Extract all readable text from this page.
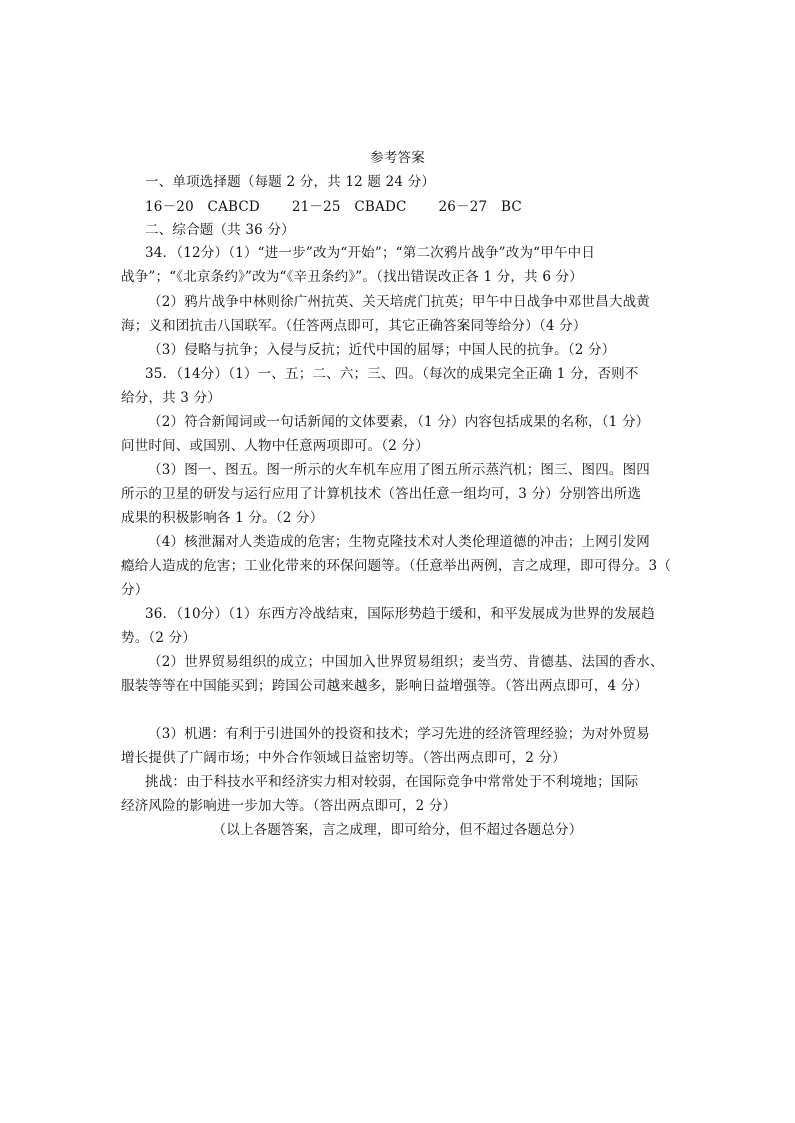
参考答案
一、单项选择题（每题 2 分，共 12 题 24 分）
16－20　CABCD　　 21－25　CBADC　　 26－27　BC
二、综合题（共 36 分）
34．（12分）（1）“进一步”改为“开始”；“第二次鸦片战争”改为“甲午中日
战争”；“《北京条约》”改为“《辛丑条约》”。（找出错误改正各 1 分，共 6 分）
（2）鸦片战争中林则徐广州抗英、关天培虎门抗英；甲午中日战争中邓世昌大战黄
海；义和团抗击八国联军。（任答两点即可，其它正确答案同等给分）（4 分）
（3）侵略与抗争；入侵与反抗；近代中国的屈辱；中国人民的抗争。（2 分）
35．（14分）（1）一、五；二、六；三、四。（每次的成果完全正确 1 分，否则不
给分，共 3 分）
（2）符合新闻词或一句话新闻的文体要素，（1 分）内容包括成果的名称，（1 分）
问世时间、或国别、人物中任意两项即可。（2 分）
（3）图一、图五。图一所示的火车机车应用了图五所示蒸汽机；图三、图四。图四
所示的卫星的研发与运行应用了计算机技术（答出任意一组均可，3 分）分别答出所选
成果的积极影响各 1 分。（2 分）
（4）核泄漏对人类造成的危害；生物克隆技术对人类伦理道德的冲击；上网引发网
瘾给人造成的危害；工业化带来的环保问题等。（任意举出两例，言之成理，即可得分。3（
分）
36．（10分）（1）东西方冷战结束，国际形势趋于缓和，和平发展成为世界的发展趋
势。（2 分）
（2）世界贸易组织的成立；中国加入世界贸易组织；麦当劳、肯德基、法国的香水、
服装等等在中国能买到；跨国公司越来越多，影响日益增强等。（答出两点即可，4 分）
（3）机遇：有利于引进国外的投资和技术；学习先进的经济管理经验；为对外贸易
增长提供了广阔市场；中外合作领域日益密切等。（答出两点即可，2 分）
挑战：由于科技水平和经济实力相对较弱，在国际竞争中常常处于不利境地；国际
经济风险的影响进一步加大等。（答出两点即可，2 分）
（以上各题答案，言之成理，即可给分，但不超过各题总分）
